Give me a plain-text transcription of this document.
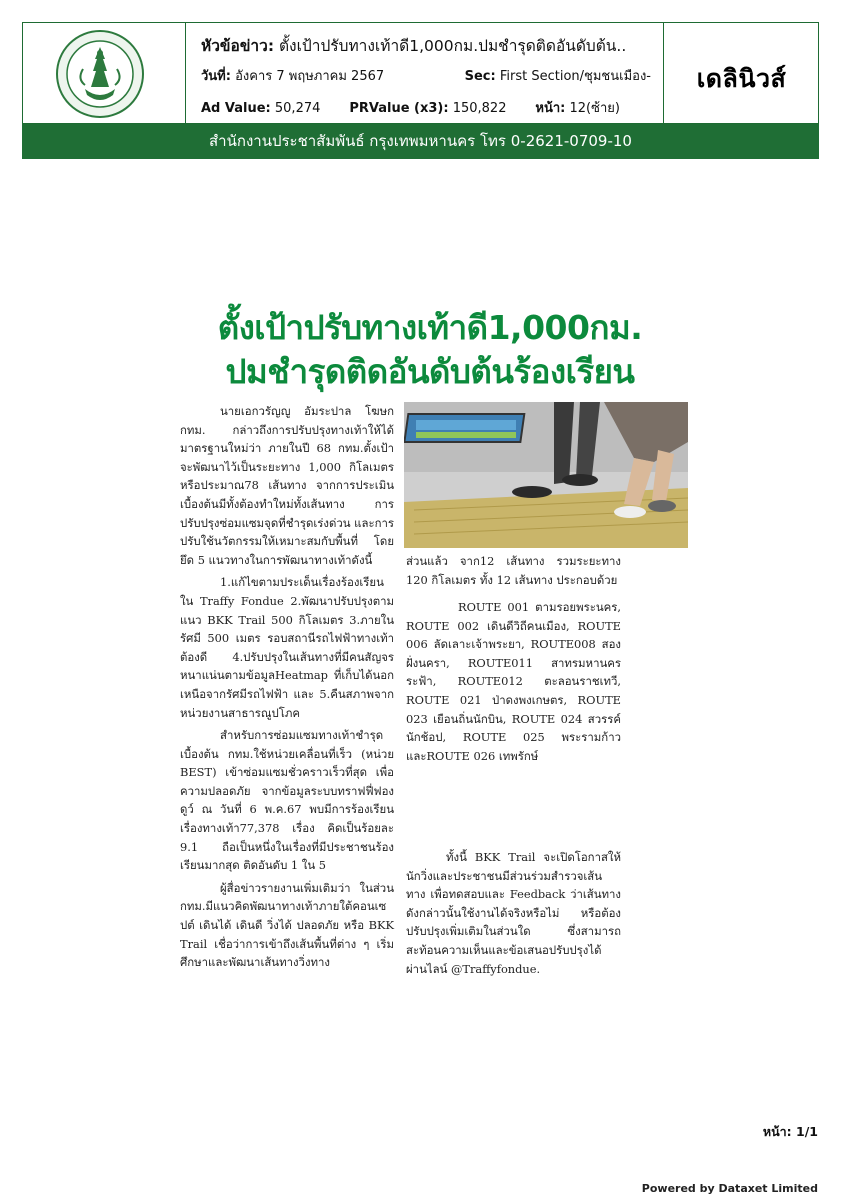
หัวข้อข่าว: ตั้งเป้าปรับทางเท้าดี1,000กม.ปมชำรุดติดอันดับต้น..
วันที่: อังคาร 7 พฤษภาคม 2567	Sec: First Section/ชุมชนเมือง-
Ad Value: 50,274 PRValue (x3): 150,822 หน้า: 12(ซ้าย)
เดลินิวส์
สำนักงานประชาสัมพันธ์ กรุงเทพมหานคร โทร 0-2621-0709-10
ตั้งเป้าปรับทางเท้าดี1,000กม.
ปมชำรุดติดอันดับต้นร้องเรียน

นายเอกวรัญญู อัมระปาล โฆษก กทม. กล่าวถึงการปรับปรุงทางเท้าให้ได้มาตรฐานใหม่ว่า ภายในปี 68 กทม.ตั้งเป้าจะพัฒนาไว้เป็นระยะทาง 1,000 กิโลเมตร หรือประมาณ78 เส้นทาง จากการประเมินเบื้องต้นมีทั้งต้องทำใหม่ทั้งเส้นทาง การปรับปรุงซ่อมแซมจุดที่ชำรุดเร่งด่วน และการปรับใช้นวัตกรรมให้เหมาะสมกับพื้นที่ โดยยึด 5 แนวทางในการพัฒนาทางเท้าดังนี้

1.แก้ไขตามประเด็นเรื่องร้องเรียนใน Traffy Fondue 2.พัฒนาปรับปรุงตามแนว BKK Trail 500 กิโลเมตร 3.ภายในรัศมี 500 เมตร รอบสถานีรถไฟฟ้าทางเท้าต้องดี 4.ปรับปรุงในเส้นทางที่มีคนสัญจรหนาแน่นตามข้อมูลHeatmap ที่เก็บได้นอกเหนือจากรัศมีรถไฟฟ้า และ 5.คืนสภาพจากหน่วยงานสาธารณูปโภค

สำหรับการซ่อมแซมทางเท้าชำรุดเบื้องต้น กทม.ใช้หน่วยเคลื่อนที่เร็ว (หน่วย BEST) เข้าซ่อมแซมชั่วคราวเร็วที่สุด เพื่อความปลอดภัย จากข้อมูลระบบทราฟฟี่ฟองดูว์ ณ วันที่ 6 พ.ค.67 พบมีการร้องเรียนเรื่องทางเท้า77,378 เรื่อง คิดเป็นร้อยละ 9.1 ถือเป็นหนึ่งในเรื่องที่มีประชาชนร้องเรียนมากสุด ติดอันดับ 1 ใน 5

ผู้สื่อข่าวรายงานเพิ่มเติมว่า ในส่วน กทม.มีแนวคิดพัฒนาทางเท้าภายใต้คอนเซปต์ เดินได้ เดินดี วิ่งได้ ปลอดภัย หรือ BKK Trail เชื่อว่าการเข้าถึงเส้นพื้นที่ต่าง ๆ เริ่มศึกษาและพัฒนาเส้นทางวิ่งทาง

ส่วนแล้ว จาก12 เส้นทาง รวมระยะทาง 120 กิโลเมตร ทั้ง 12 เส้นทาง ประกอบด้วย

ROUTE 001 ตามรอยพระนคร, ROUTE 002 เดินดีวิถีคนเมือง, ROUTE 006 ลัดเลาะเจ้าพระยา, ROUTE008 สองฝั่งนครา, ROUTE011 สาทรมหานคร ระฟ้า, ROUTE012 ตะลอนราชเทวี, ROUTE 021 ป่าดงพงเกษตร, ROUTE 023 เยือนถิ่นนักบิน, ROUTE 024 สวรรค์นักช้อป, ROUTE 025 พระรามก้าว และROUTE 026 เทพรักษ์

ทั้งนี้ BKK Trail จะเปิดโอกาสให้นักวิ่งและประชาชนมีส่วนร่วมสำรวจเส้นทาง เพื่อทดสอบและ Feedback ว่าเส้นทางดังกล่าวนั้นใช้งานได้จริงหรือไม่ หรือต้องปรับปรุงเพิ่มเติมในส่วนใด ซึ่งสามารถสะท้อนความเห็นและข้อเสนอปรับปรุงได้ผ่านไลน์ @Traffyfondue.

หน้า: 1/1
Powered by Dataxet Limited
